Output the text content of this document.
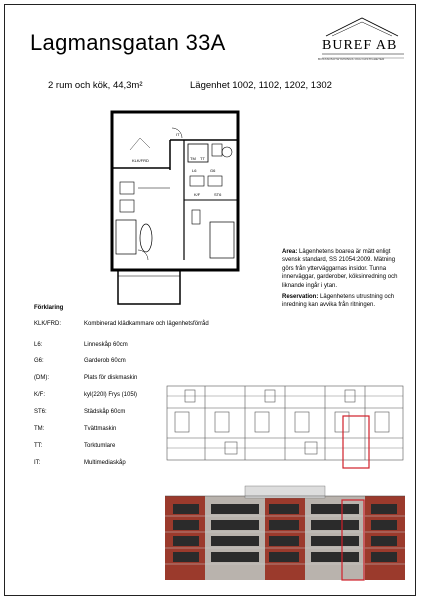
Lagmansgatan 33A	BUREF AB
BOSTADSUTHYRNINGS OCH FASTIGHETER
2 rum och kök, 44,3m²	Lägenhet 1002, 1102, 1202, 1302
KLK/FRD
L6	G6
K/F	ST6
IT
TM TT
Förklaring
KLK/FRD:	Kombinerad klädkammare och lägenhetsförråd
L6:	Linneskåp 60cm
G6:	Garderob 60cm
(DM):	Plats för diskmaskin
K/F:	kyl(220l) Frys (105l)
ST6:	Städskåp 60cm
TM:	Tvättmaskin
TT:	Torktumlare
IT:	Multimediaskåp

Area: Lägenhetens boarea är mätt enligt svensk standard, SS 21054:2009. Mätning görs från ytterväggarnas insidor. Tunna innerväggar, garderober, köksinredning och liknande ingår i ytan.

Reservation: Lägenhetens utrustning och inredning kan avvika från ritningen.
